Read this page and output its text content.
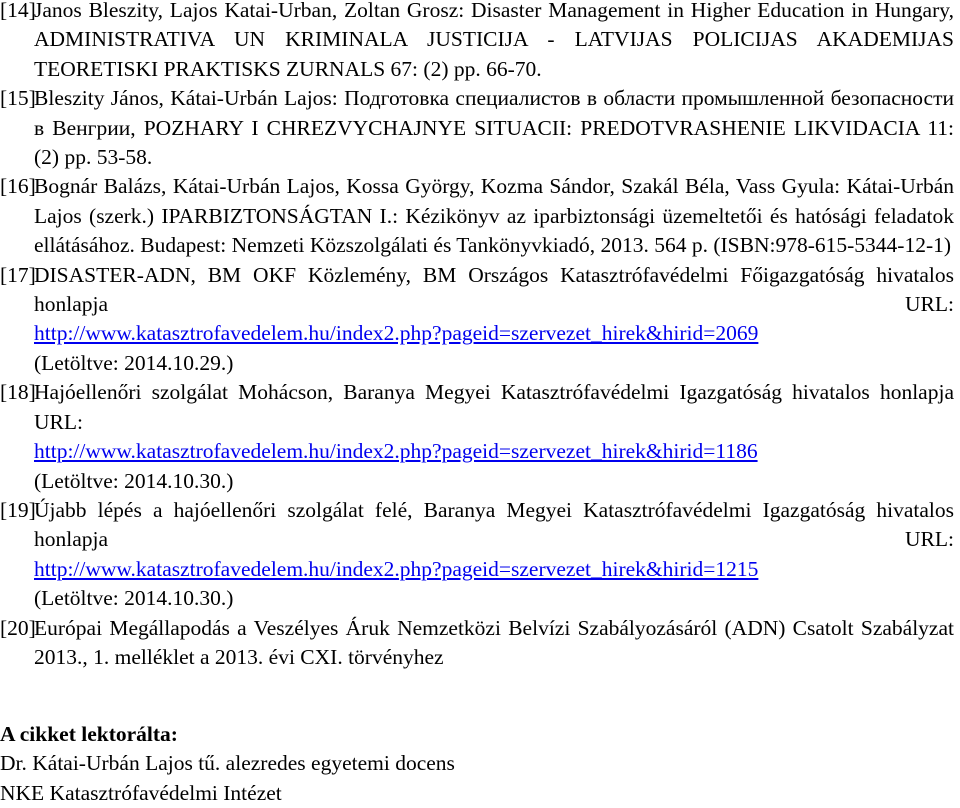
[14]
Janos Bleszity, Lajos Katai-Urban, Zoltan Grosz: Disaster Management in Higher Education in Hungary, ADMINISTRATIVA UN KRIMINALA JUSTICIJA - LATVIJAS POLICIJAS AKADEMIJAS TEORETISKI PRAKTISKS ZURNALS 67: (2) pp. 66-70.
[15]
Bleszity János, Kátai-Urbán Lajos: Подготовка специалистов в области промышленной безопасности в Венгрии, POZHARY I CHREZVYCHAJNYE SITUACII: PREDOTVRASHENIE LIKVIDACIA 11: (2) pp. 53-58.
[16]
Bognár Balázs, Kátai-Urbán Lajos, Kossa György, Kozma Sándor, Szakál Béla, Vass Gyula: Kátai-Urbán Lajos (szerk.) IPARBIZTONSÁGTAN I.: Kézikönyv az iparbiztonsági üzemeltetői és hatósági feladatok ellátásához. Budapest: Nemzeti Közszolgálati és Tankönyvkiadó, 2013. 564 p. (ISBN:978-615-5344-12-1)
[17]
DISASTER-ADN, BM OKF Közlemény, BM Országos Katasztrófavédelmi Főigazgatóság hivatalos honlapja URL:
http://www.katasztrofavedelem.hu/index2.php?pageid=szervezet_hirek&hirid=2069
(Letöltve: 2014.10.29.)
[18]
Hajóellenőri szolgálat Mohácson, Baranya Megyei Katasztrófavédelmi Igazgatóság hivatalos honlapja URL:
http://www.katasztrofavedelem.hu/index2.php?pageid=szervezet_hirek&hirid=1186
(Letöltve: 2014.10.30.)
[19]
Újabb lépés a hajóellenőri szolgálat felé, Baranya Megyei Katasztrófavédelmi Igazgatóság hivatalos honlapja URL:
http://www.katasztrofavedelem.hu/index2.php?pageid=szervezet_hirek&hirid=1215
(Letöltve: 2014.10.30.)
[20]
Európai Megállapodás a Veszélyes Áruk Nemzetközi Belvízi Szabályozásáról (ADN) Csatolt Szabályzat 2013., 1. melléklet a 2013. évi CXI. törvényhez
A cikket lektorálta:
Dr. Kátai-Urbán Lajos tű. alezredes egyetemi docens
NKE Katasztrófavédelmi Intézet
